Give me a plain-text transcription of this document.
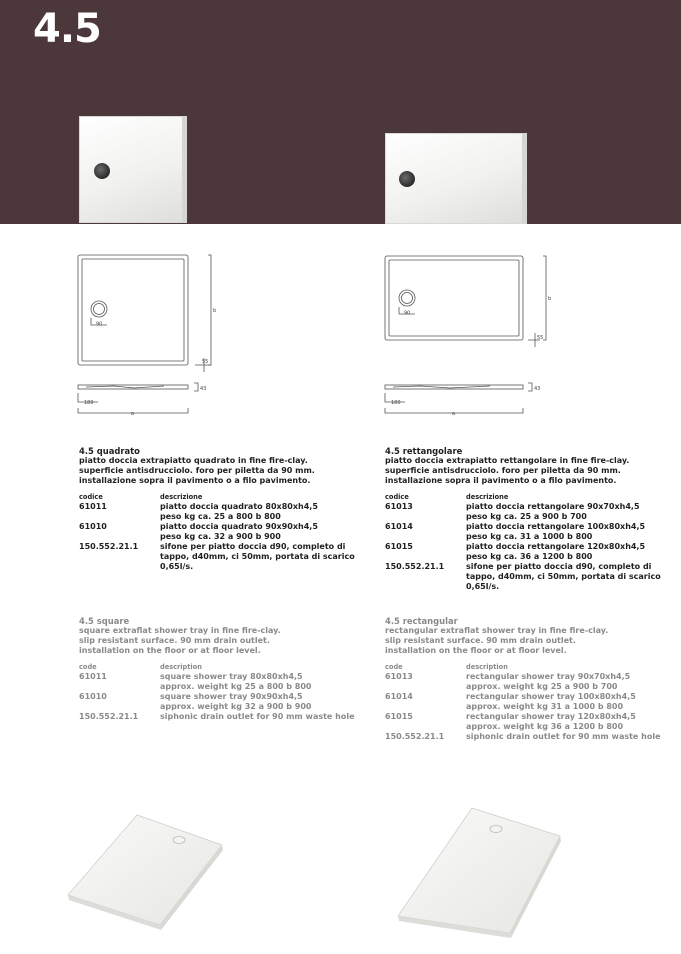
4.5
90
b
55
43
180
a
90
b
55
43
180
a
4.5 quadrato
piatto doccia extrapiatto quadrato in fine fire-clay.
superficie antisdrucciolo. foro per piletta da 90 mm.
installazione sopra il pavimento o a filo pavimento.
codice	descrizione
61011	piatto doccia quadrato 80x80xh4,5
peso kg ca. 25 a 800 b 800
61010	piatto doccia quadrato 90x90xh4,5
peso kg ca. 32 a 900 b 900
150.552.21.1	sifone per piatto doccia d90, completo di
tappo, d40mm, ci 50mm, portata di scarico
0,65l/s.
4.5 rettangolare
piatto doccia extrapiatto rettangolare in fine fire-clay.
superficie antisdrucciolo. foro per piletta da 90 mm.
installazione sopra il pavimento o a filo pavimento.
codice	descrizione
61013	piatto doccia rettangolare 90x70xh4,5
peso kg ca. 25 a 900 b 700
61014	piatto doccia rettangolare 100x80xh4,5
peso kg ca. 31 a 1000 b 800
61015	piatto doccia rettangolare 120x80xh4,5
peso kg ca. 36 a 1200 b 800
150.552.21.1	sifone per piatto doccia d90, completo di
tappo, d40mm, ci 50mm, portata di scarico
0,65l/s.
4.5 square
square extraflat shower tray in fine fire-clay.
slip resistant surface. 90 mm drain outlet.
installation on the floor or at floor level.
code	description
61011	square shower tray 80x80xh4,5
approx. weight kg 25 a 800 b 800
61010	square shower tray 90x90xh4,5
approx. weight kg 32 a 900 b 900
150.552.21.1	siphonic drain outlet for 90 mm waste hole
4.5 rectangular
rectangular extraflat shower tray in fine fire-clay.
slip resistant surface. 90 mm drain outlet.
installation on the floor or at floor level.
code	description
61013	rectangular shower tray 90x70xh4,5
approx. weight kg 25 a 900 b 700
61014	rectangular shower tray 100x80xh4,5
approx. weight kg 31 a 1000 b 800
61015	rectangular shower tray 120x80xh4,5
approx. weight kg 36 a 1200 b 800
150.552.21.1	siphonic drain outlet for 90 mm waste hole
